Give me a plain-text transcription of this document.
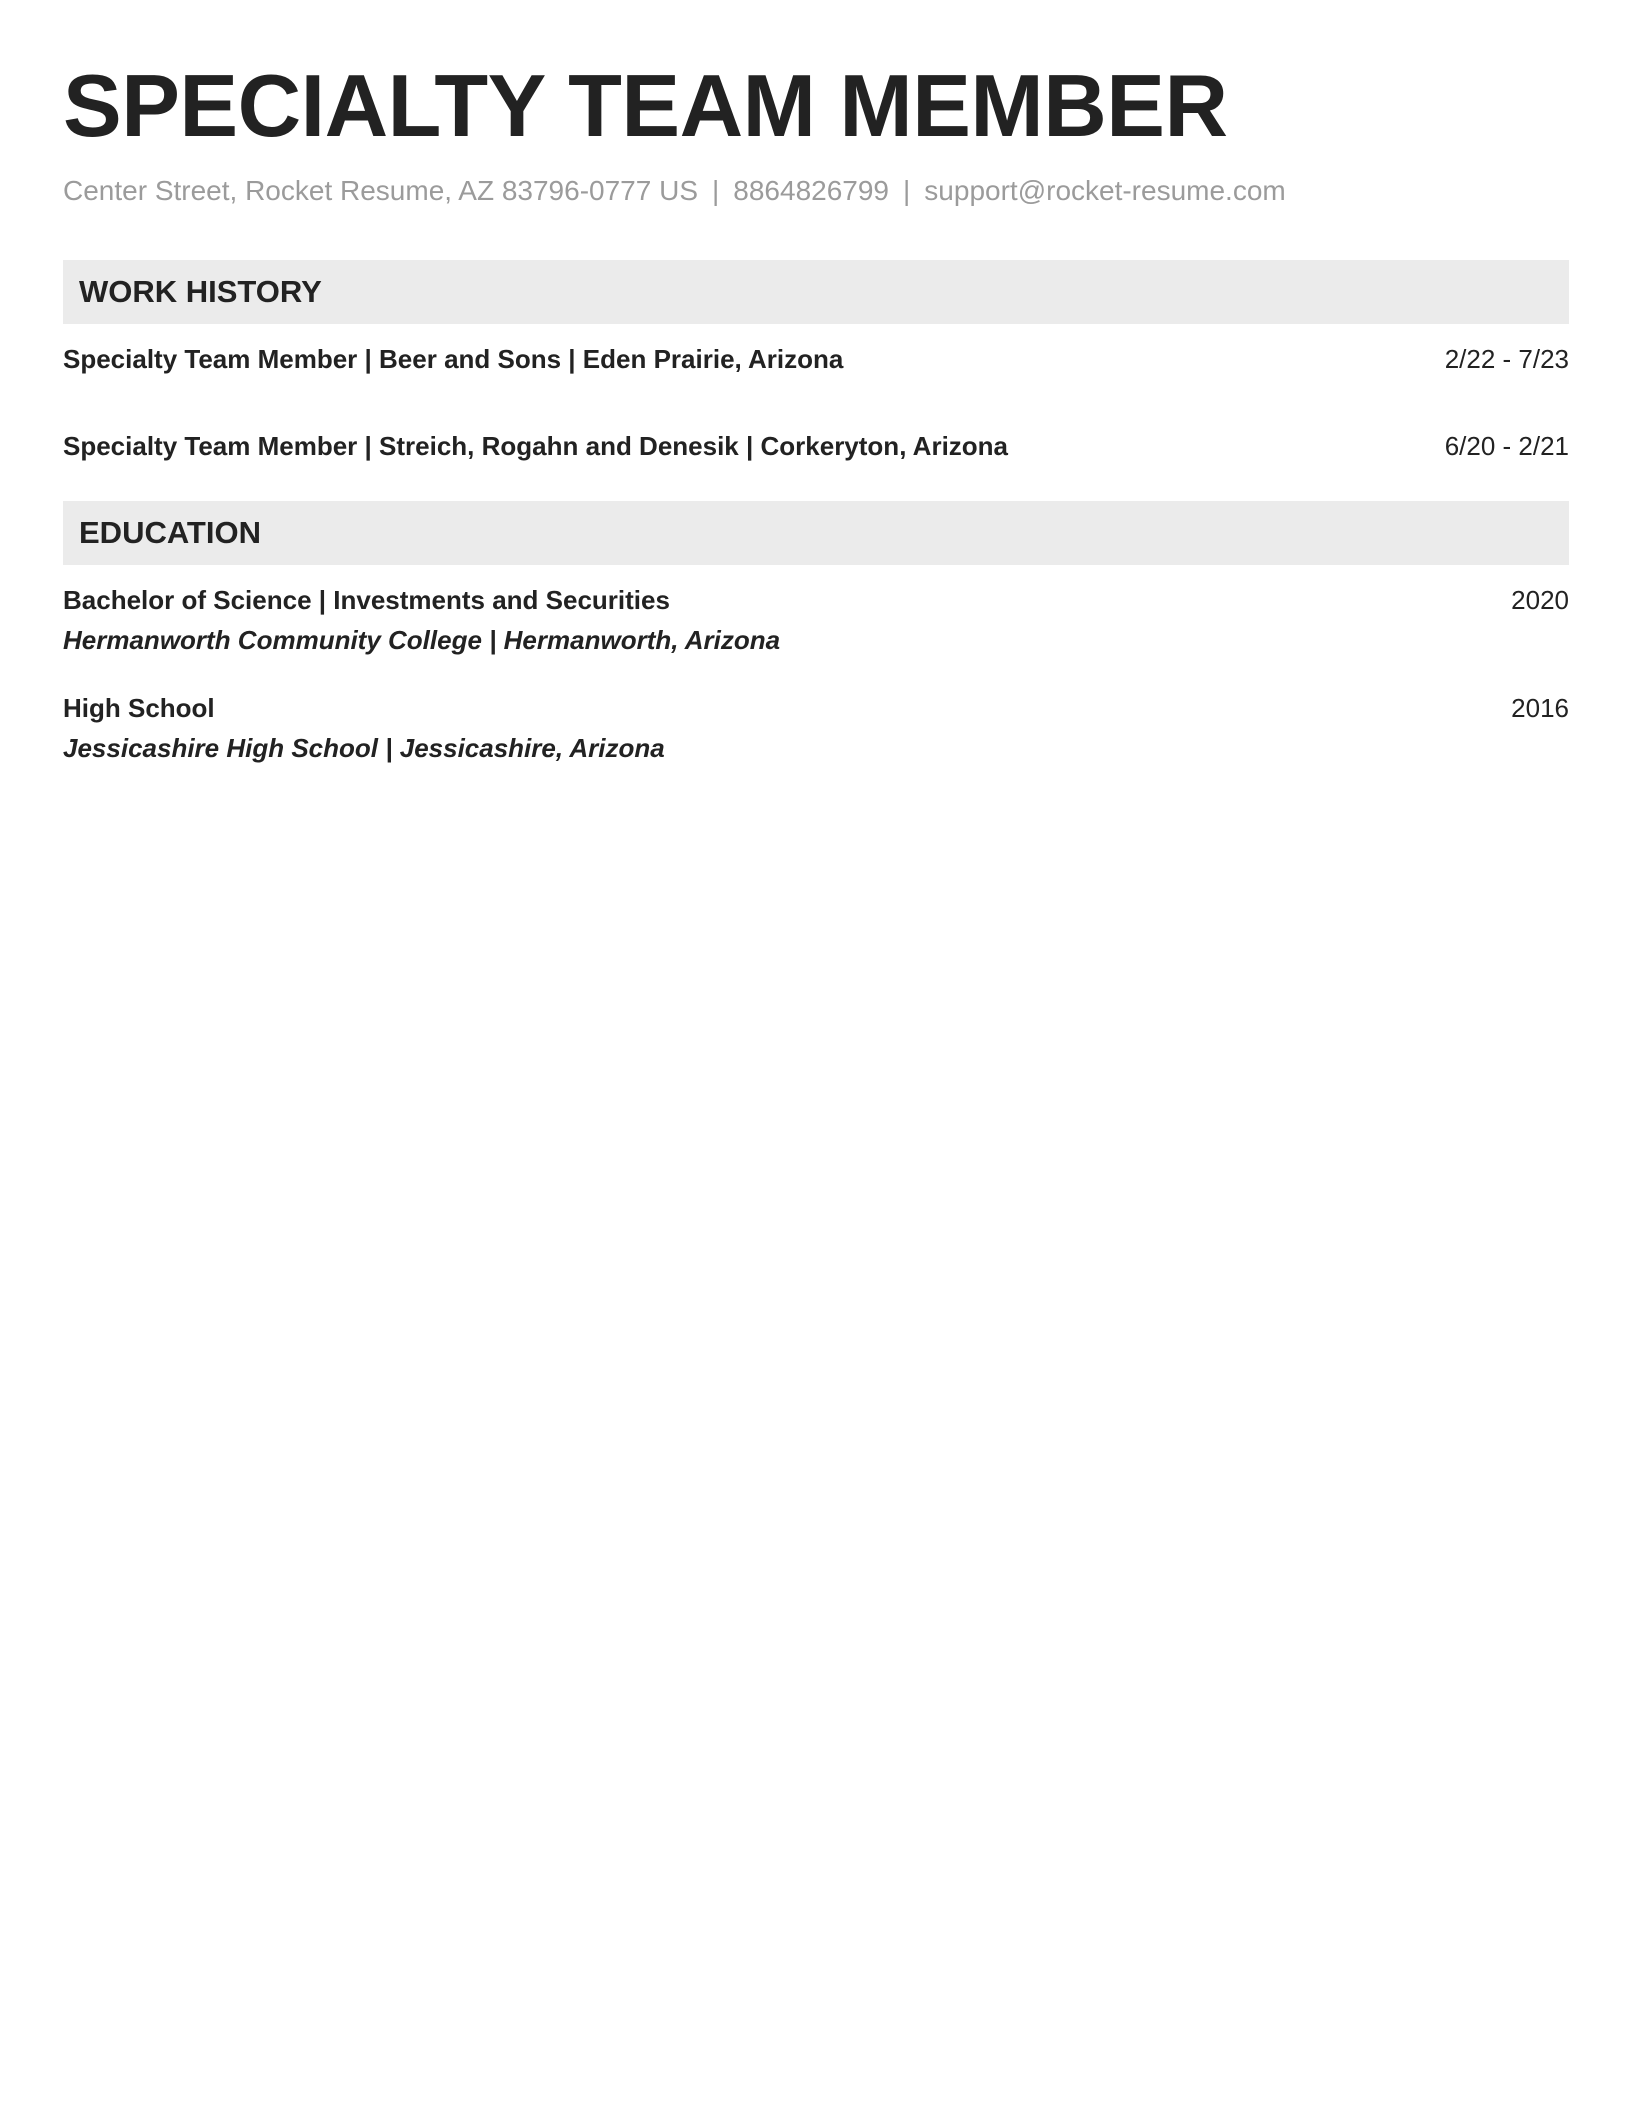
SPECIALTY TEAM MEMBER
Center Street, Rocket Resume, AZ 83796-0777 US | 8864826799 | support@rocket-resume.com
WORK HISTORY
Specialty Team Member | Beer and Sons | Eden Prairie, Arizona	2/22 - 7/23
Specialty Team Member | Streich, Rogahn and Denesik | Corkeryton, Arizona	6/20 - 2/21
EDUCATION
Bachelor of Science | Investments and Securities	2020
Hermanworth Community College | Hermanworth, Arizona
High School	2016
Jessicashire High School | Jessicashire, Arizona
